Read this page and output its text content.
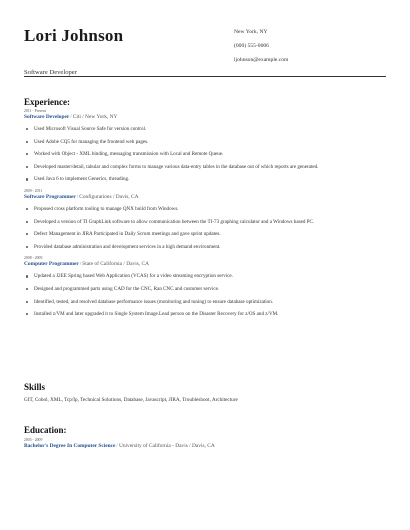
Lori Johnson
Software Developer
New York, NY
(000) 555-0006
ljohnson@example.com
Experience:
2011 - Present
Software Developer/Citi / New York, NY
Used Microsoft Visual Source Safe for version control.
Used Adobe CQ5 for managing the frontend web pages.
Worked with Object - XML binding, messaging transmission with Local and Remote Queue.
Developed master/detail, tabular and complex forms to manage various data-entry tables in the database out of which reports are generated.
Used Java 6 to implement Generics, threading.
2009 - 2011
Software Programmer/Configurations / Davis, CA
Proposed cross platform tooling to manage QNX build from Windows.
Developed a version of TI GraphLink software to allow communication between the TI-73 graphing calculator and a Windows based PC.
Defect Management in JIRA Participated in Daily Scrum meetings and gave sprint updates.
Provided database administration and development services in a high demand environment.
2008 - 2009
Computer Programmer/State of California / Davis, CA
Updated a J2EE Spring based Web Application (VCAS) for a video streaming encryption service.
Designed and programmed parts using CAD for the CNC, Ran CNC and customer service.
Identified, tested, and resolved database performance issues (monitoring and tuning) to ensure database optimization.
Installed z/VM and later upgraded it to Single System Image.Lead person on the Disaster Recovery for z/OS and z/VM.
Skills
GIT, Cobol, XML, Tcp/Ip, Technical Solutions, Database, Javascript, JIRA, Troubleshoot, Architecture
Education:
2005 - 2009
Bachelor's Degree In Computer Science/University of California - Davis / Davis, CA
